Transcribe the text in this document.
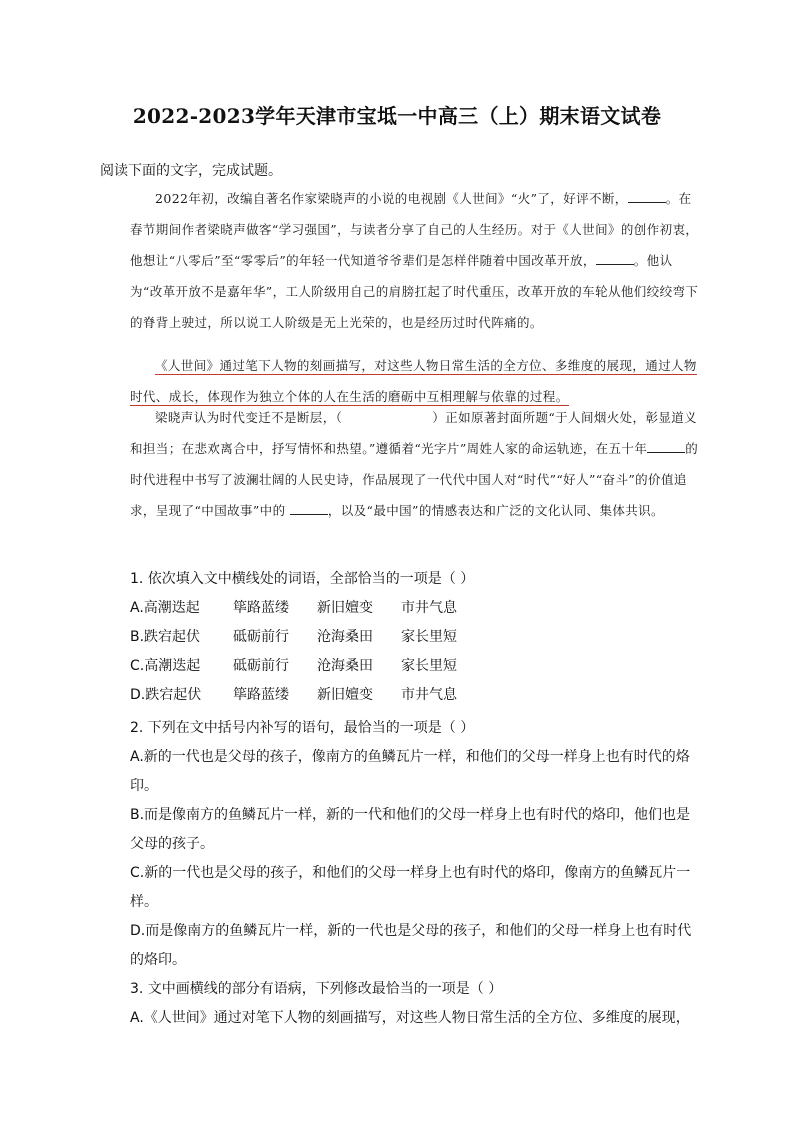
2022-2023学年天津市宝坻一中高三（上）期末语文试卷
阅读下面的文字，完成试题。
2022年初，改编自著名作家梁晓声的小说的电视剧《人世间》“火”了，好评不断，	。在春节期间作者梁晓声做客“学习强国”，与读者分享了自己的人生经历。对于《人世间》的创作初衷，他想让“八零后”至“零零后”的年轻一代知道爷爷辈们是怎样伴随着中国改革开放，	。他认为“改革开放不是嘉年华”，工人阶级用自己的肩膀扛起了时代重压，改革开放的车轮从他们绞绞弯下的脊背上驶过，所以说工人阶级是无上光荣的，也是经历过时代阵痛的。
《人世间》通过笔下人物的刻画描写，对这些人物日常生活的全方位、多维度的展现，通过人物时代、成长，体现作为独立个体的人在生活的磨砺中互相理解与依靠的过程。
梁晓声认为时代变迁不是断层，（	）正如原著封面所题“于人间烟火处，彰显道义和担当；在悲欢离合中，抒写情怀和热望。”遵循着“光字片”周姓人家的命运轨迹，在五十年	的时代进程中书写了波澜壮阔的人民史诗，作品展现了一代代中国人对“时代”“好人”“奋斗”的价值追求，呈现了“中国故事”中的	，以及“最中国”的情感表达和广泛的文化认同、集体共识。
1. 依次填入文中横线处的词语，全部恰当的一项是（ ）
A.高潮迭起	筚路蓝缕	新旧嬗变	市井气息
B.跌宕起伏	砥砺前行	沧海桑田	家长里短
C.高潮迭起	砥砺前行	沧海桑田	家长里短
D.跌宕起伏	筚路蓝缕	新旧嬗变	市井气息

2. 下列在文中括号内补写的语句，最恰当的一项是（ ）

A.新的一代也是父母的孩子，像南方的鱼鳞瓦片一样，和他们的父母一样身上也有时代的烙

印。

B.而是像南方的鱼鳞瓦片一样，新的一代和他们的父母一样身上也有时代的烙印，他们也是

父母的孩子。

C.新的一代也是父母的孩子，和他们的父母一样身上也有时代的烙印，像南方的鱼鳞瓦片一

样。

D.而是像南方的鱼鳞瓦片一样，新的一代也是父母的孩子，和他们的父母一样身上也有时代

的烙印。

3. 文中画横线的部分有语病，下列修改最恰当的一项是（ ）

A.《人世间》通过对笔下人物的刻画描写，对这些人物日常生活的全方位、多维度的展现，
